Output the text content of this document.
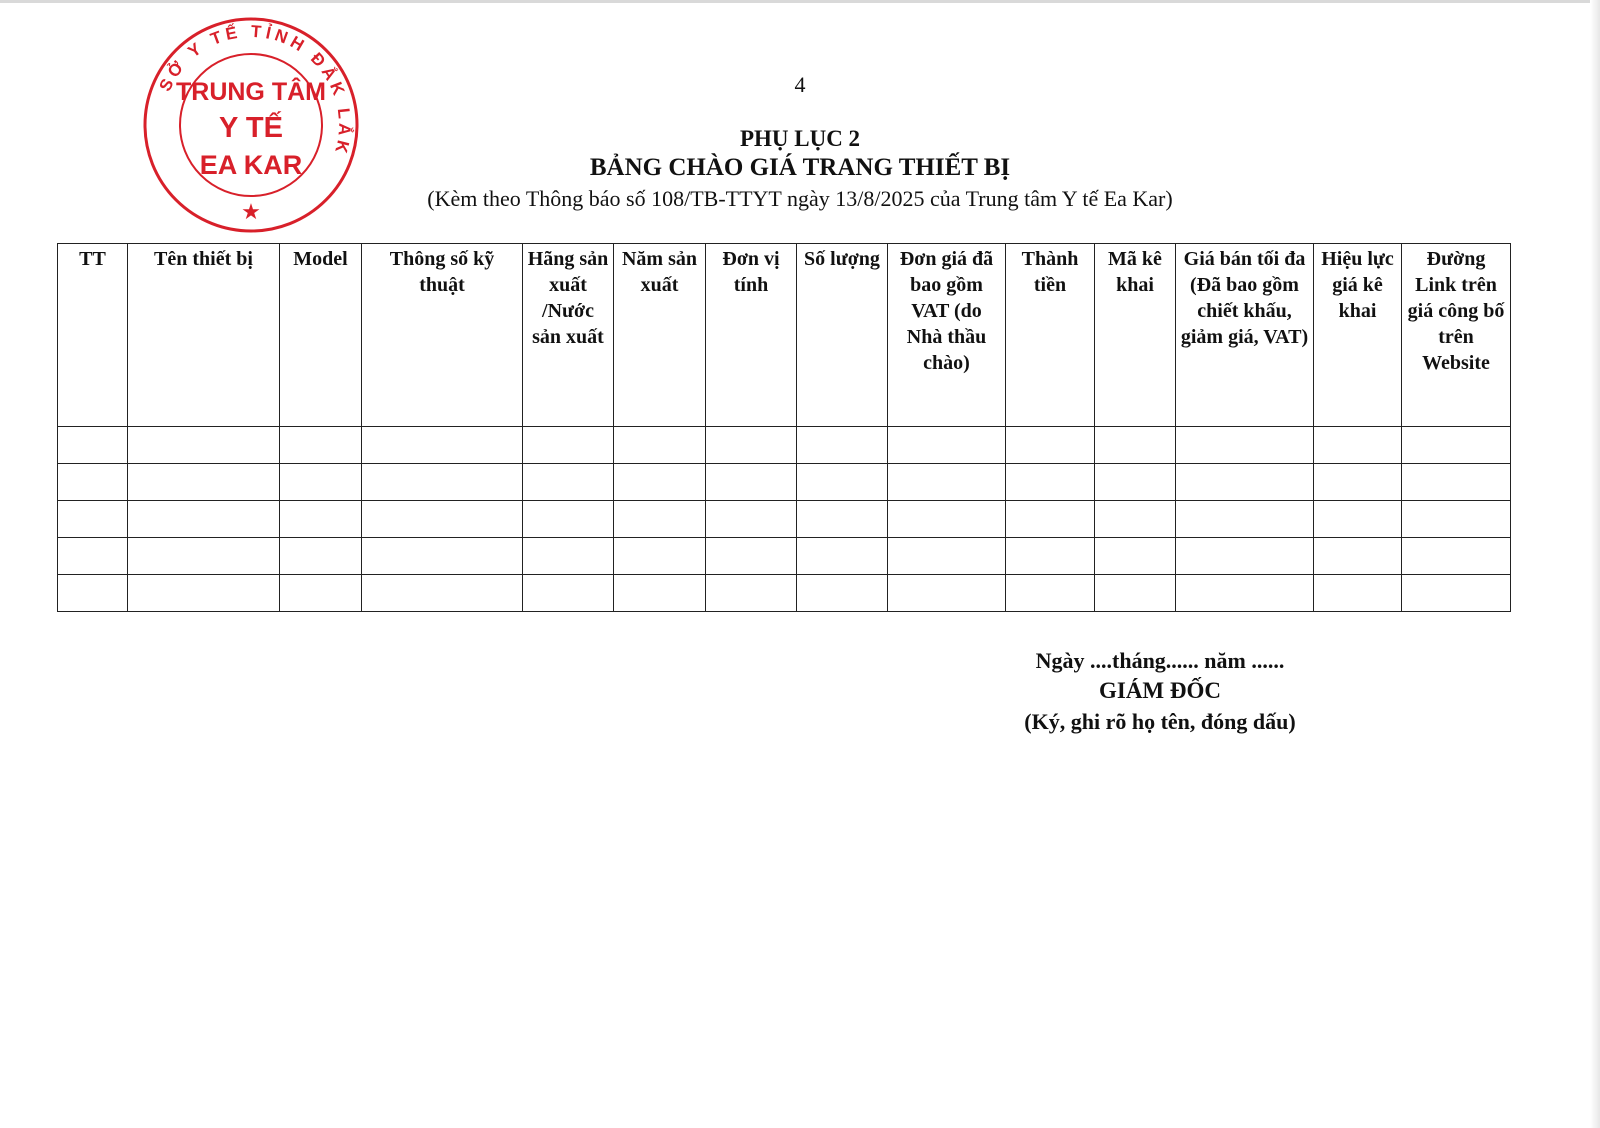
SỞ Y TẾ TỈNH ĐẮK LẮK
★
TRUNG TÂM
Y TẾ
EA KAR
4
PHỤ LỤC 2
BẢNG CHÀO GIÁ TRANG THIẾT BỊ
(Kèm theo Thông báo số 108/TB-TTYT ngày 13/8/2025 của Trung tâm Y tế Ea Kar)
TT	Tên thiết bị	Model	Thông số kỹ thuật	Hãng sản xuất /Nước sản xuất	Năm sản xuất	Đơn vị tính	Số lượng	Đơn giá đã bao gồm VAT (do Nhà thầu chào)	Thành tiền	Mã kê khai	Giá bán tối đa (Đã bao gồm chiết khấu, giảm giá, VAT)	Hiệu lực giá kê khai	Đường Link trên giá công bố trên Website

Ngày ....tháng...... năm ......
GIÁM ĐỐC
(Ký, ghi rõ họ tên, đóng dấu)
